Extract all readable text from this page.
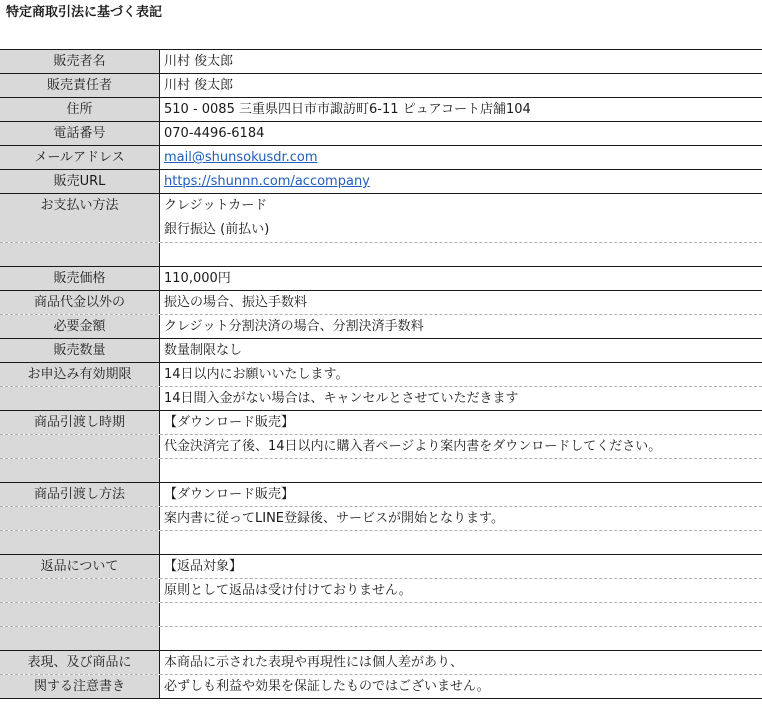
特定商取引法に基づく表記
販売者名	川村 俊太郎
販売責任者	川村 俊太郎
住所	510 - 0085 三重県四日市市諏訪町6-11 ピュアコート店舗104
電話番号	070-4496-6184
メールアドレス	mail@shunsokusdr.com
販売URL	https://shunnn.com/accompany
お支払い方法	クレジットカード
銀行振込 (前払い)
販売価格	110,000円
商品代金以外の	振込の場合、振込手数料
必要金額	クレジット分割決済の場合、分割決済手数料
販売数量	数量制限なし
お申込み有効期限	14日以内にお願いいたします。
14日間入金がない場合は、キャンセルとさせていただきます
商品引渡し時期	【ダウンロード販売】
代金決済完了後、14日以内に購入者ページより案内書をダウンロードしてください。
商品引渡し方法	【ダウンロード販売】
案内書に従ってLINE登録後、サービスが開始となります。
返品について	【返品対象】
原則として返品は受け付けておりません。
表現、及び商品に	本商品に示された表現や再現性には個人差があり、
関する注意書き	必ずしも利益や効果を保証したものではございません。
